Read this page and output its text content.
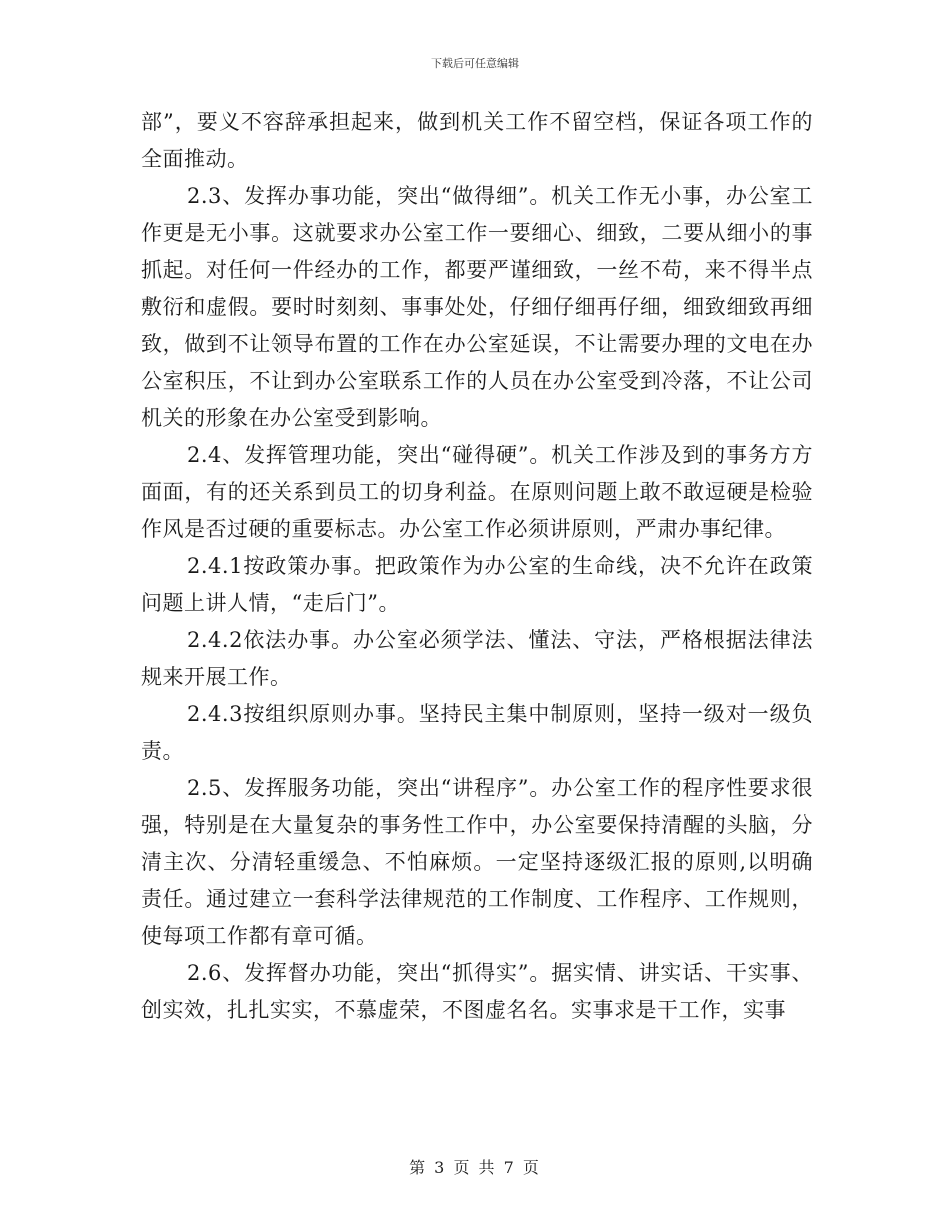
下载后可任意编辑

部”，要义不容辞承担起来，做到机关工作不留空档，保证各项工作的全面推动。

2.3、发挥办事功能，突出“做得细”。机关工作无小事，办公室工作更是无小事。这就要求办公室工作一要细心、细致，二要从细小的事抓起。对任何一件经办的工作，都要严谨细致，一丝不苟，来不得半点敷衍和虚假。要时时刻刻、事事处处，仔细仔细再仔细，细致细致再细致，做到不让领导布置的工作在办公室延误，不让需要办理的文电在办公室积压，不让到办公室联系工作的人员在办公室受到冷落，不让公司机关的形象在办公室受到影响。

2.4、发挥管理功能，突出“碰得硬”。机关工作涉及到的事务方方面面，有的还关系到员工的切身利益。在原则问题上敢不敢逗硬是检验作风是否过硬的重要标志。办公室工作必须讲原则，严肃办事纪律。

2.4.1按政策办事。把政策作为办公室的生命线，决不允许在政策问题上讲人情，“走后门”。

2.4.2依法办事。办公室必须学法、懂法、守法，严格根据法律法规来开展工作。

2.4.3按组织原则办事。坚持民主集中制原则，坚持一级对一级负责。

2.5、发挥服务功能，突出“讲程序”。办公室工作的程序性要求很强，特别是在大量复杂的事务性工作中，办公室要保持清醒的头脑，分清主次、分清轻重缓急、不怕麻烦。一定坚持逐级汇报的原则,以明确责任。通过建立一套科学法律规范的工作制度、工作程序、工作规则，使每项工作都有章可循。

2.6、发挥督办功能，突出“抓得实”。据实情、讲实话、干实事、创实效，扎扎实实，不慕虚荣，不图虚名名。实事求是干工作，实事

第 3 页 共 7 页
